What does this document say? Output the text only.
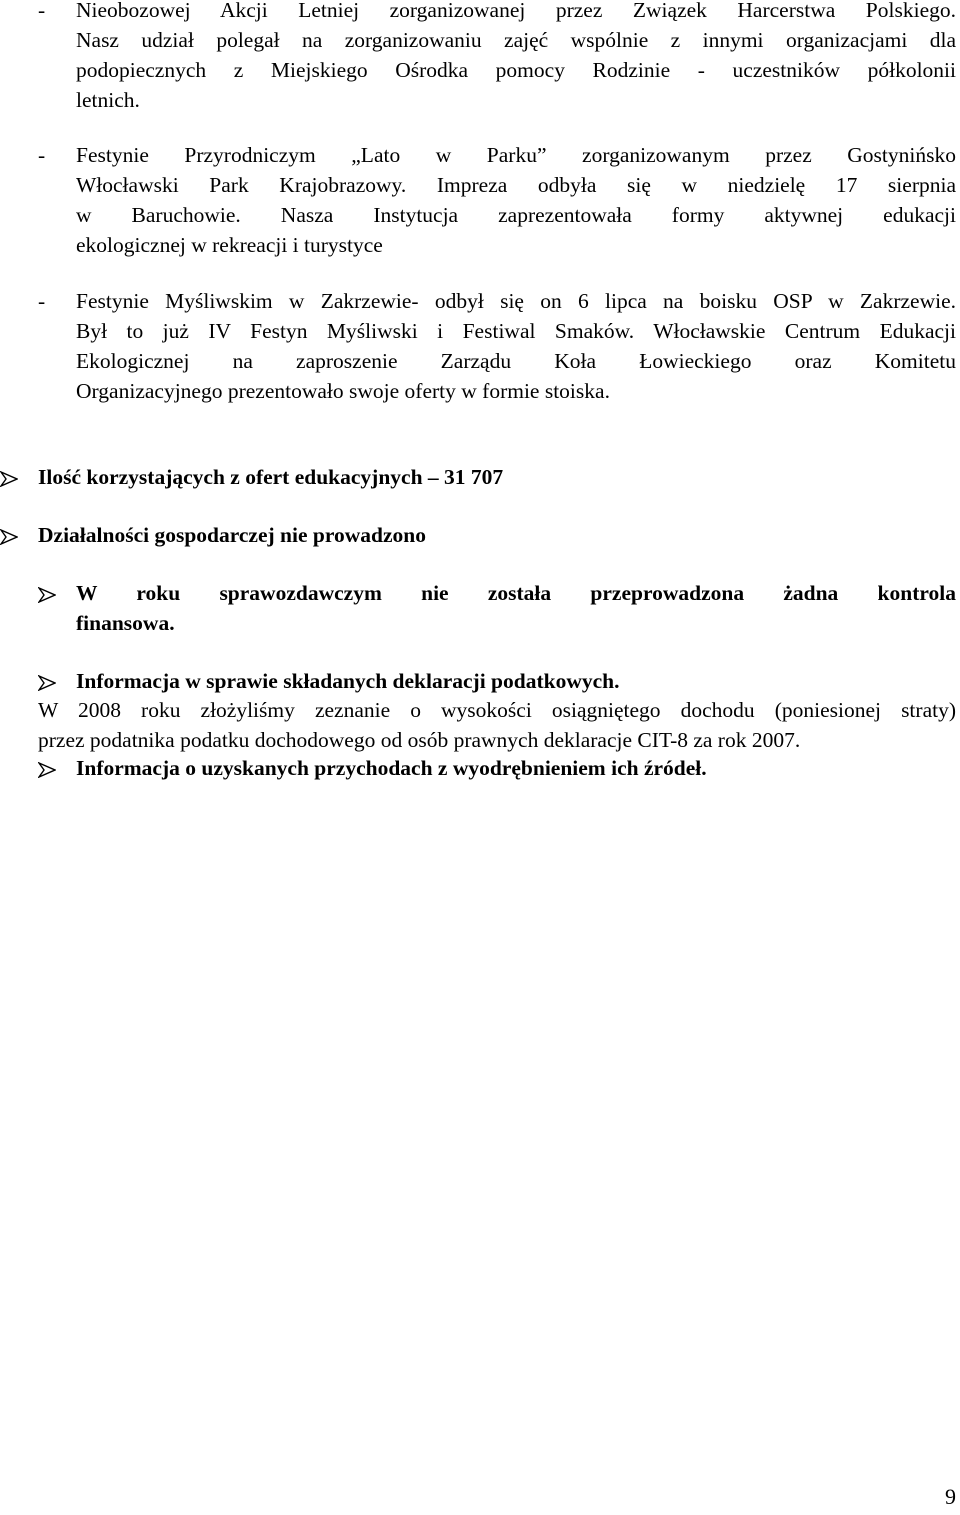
-	Nieobozowej Akcji Letniej zorganizowanej przez Związek Harcerstwa Polskiego.
Nasz udział polegał na zorganizowaniu zajęć wspólnie z innymi organizacjami dla
podopiecznych z Miejskiego Ośrodka pomocy Rodzinie - uczestników półkolonii
letnich.
-	Festynie Przyrodniczym „Lato w Parku” zorganizowanym przez Gostynińsko
Włocławski Park Krajobrazowy. Impreza odbyła się w niedzielę 17 sierpnia
w Baruchowie. Nasza Instytucja zaprezentowała formy aktywnej edukacji
ekologicznej w rekreacji i turystyce
-	Festynie Myśliwskim w Zakrzewie- odbył się on 6 lipca na boisku OSP w Zakrzewie.
Był to już IV Festyn Myśliwski i Festiwal Smaków. Włocławskie Centrum Edukacji
Ekologicznej na zaproszenie Zarządu Koła Łowieckiego oraz Komitetu
Organizacyjnego prezentowało swoje oferty w formie stoiska.
Ilość korzystających z ofert edukacyjnych – 31 707
Działalności gospodarczej nie prowadzono
W roku sprawozdawczym nie została przeprowadzona żadna kontrola
finansowa.
Informacja w sprawie składanych deklaracji podatkowych.
W 2008 roku złożyliśmy zeznanie o wysokości osiągniętego dochodu (poniesionej straty)
przez podatnika podatku dochodowego od osób prawnych deklaracje CIT-8 za rok 2007.
Informacja o uzyskanych przychodach z wyodrębnieniem ich źródeł.
9
